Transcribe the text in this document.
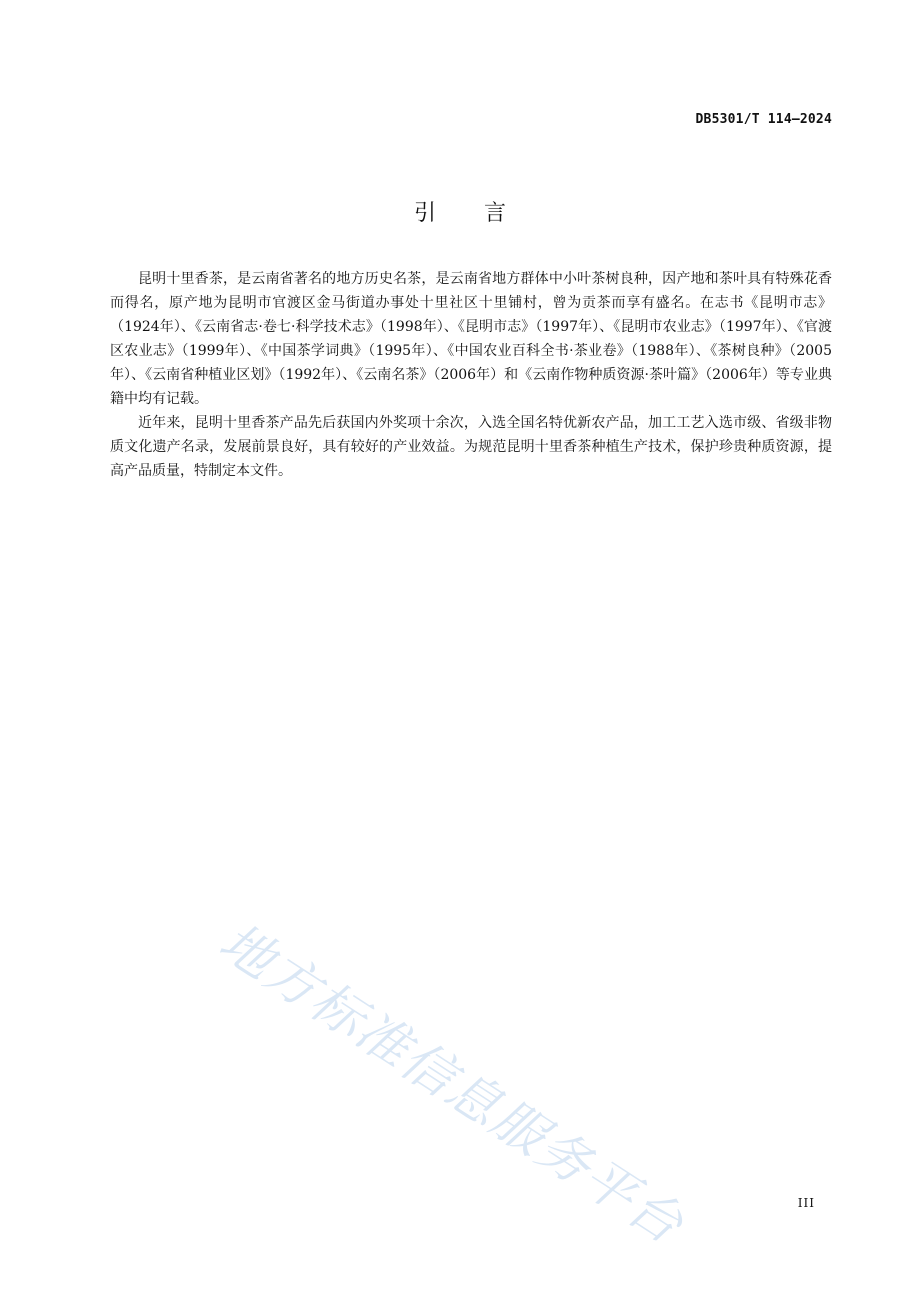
DB5301/T 114—2024
引言

昆明十里香茶，是云南省著名的地方历史名茶，是云南省地方群体中小叶茶树良种，因产地和茶叶具有特殊花香而得名，原产地为昆明市官渡区金马街道办事处十里社区十里铺村，曾为贡茶而享有盛名。在志书《昆明市志》（1924年）、《云南省志·卷七·科学技术志》（1998年）、《昆明市志》（1997年）、《昆明市农业志》（1997年）、《官渡区农业志》（1999年）、《中国茶学词典》（1995年）、《中国农业百科全书·茶业卷》（1988年）、《茶树良种》（2005年）、《云南省种植业区划》（1992年）、《云南名茶》（2006年）和《云南作物种质资源·茶叶篇》（2006年）等专业典籍中均有记载。

近年来，昆明十里香茶产品先后获国内外奖项十余次，入选全国名特优新农产品，加工工艺入选市级、省级非物质文化遗产名录，发展前景良好，具有较好的产业效益。为规范昆明十里香茶种植生产技术，保护珍贵种质资源，提高产品质量，特制定本文件。

地方标准信息服务平台	III
